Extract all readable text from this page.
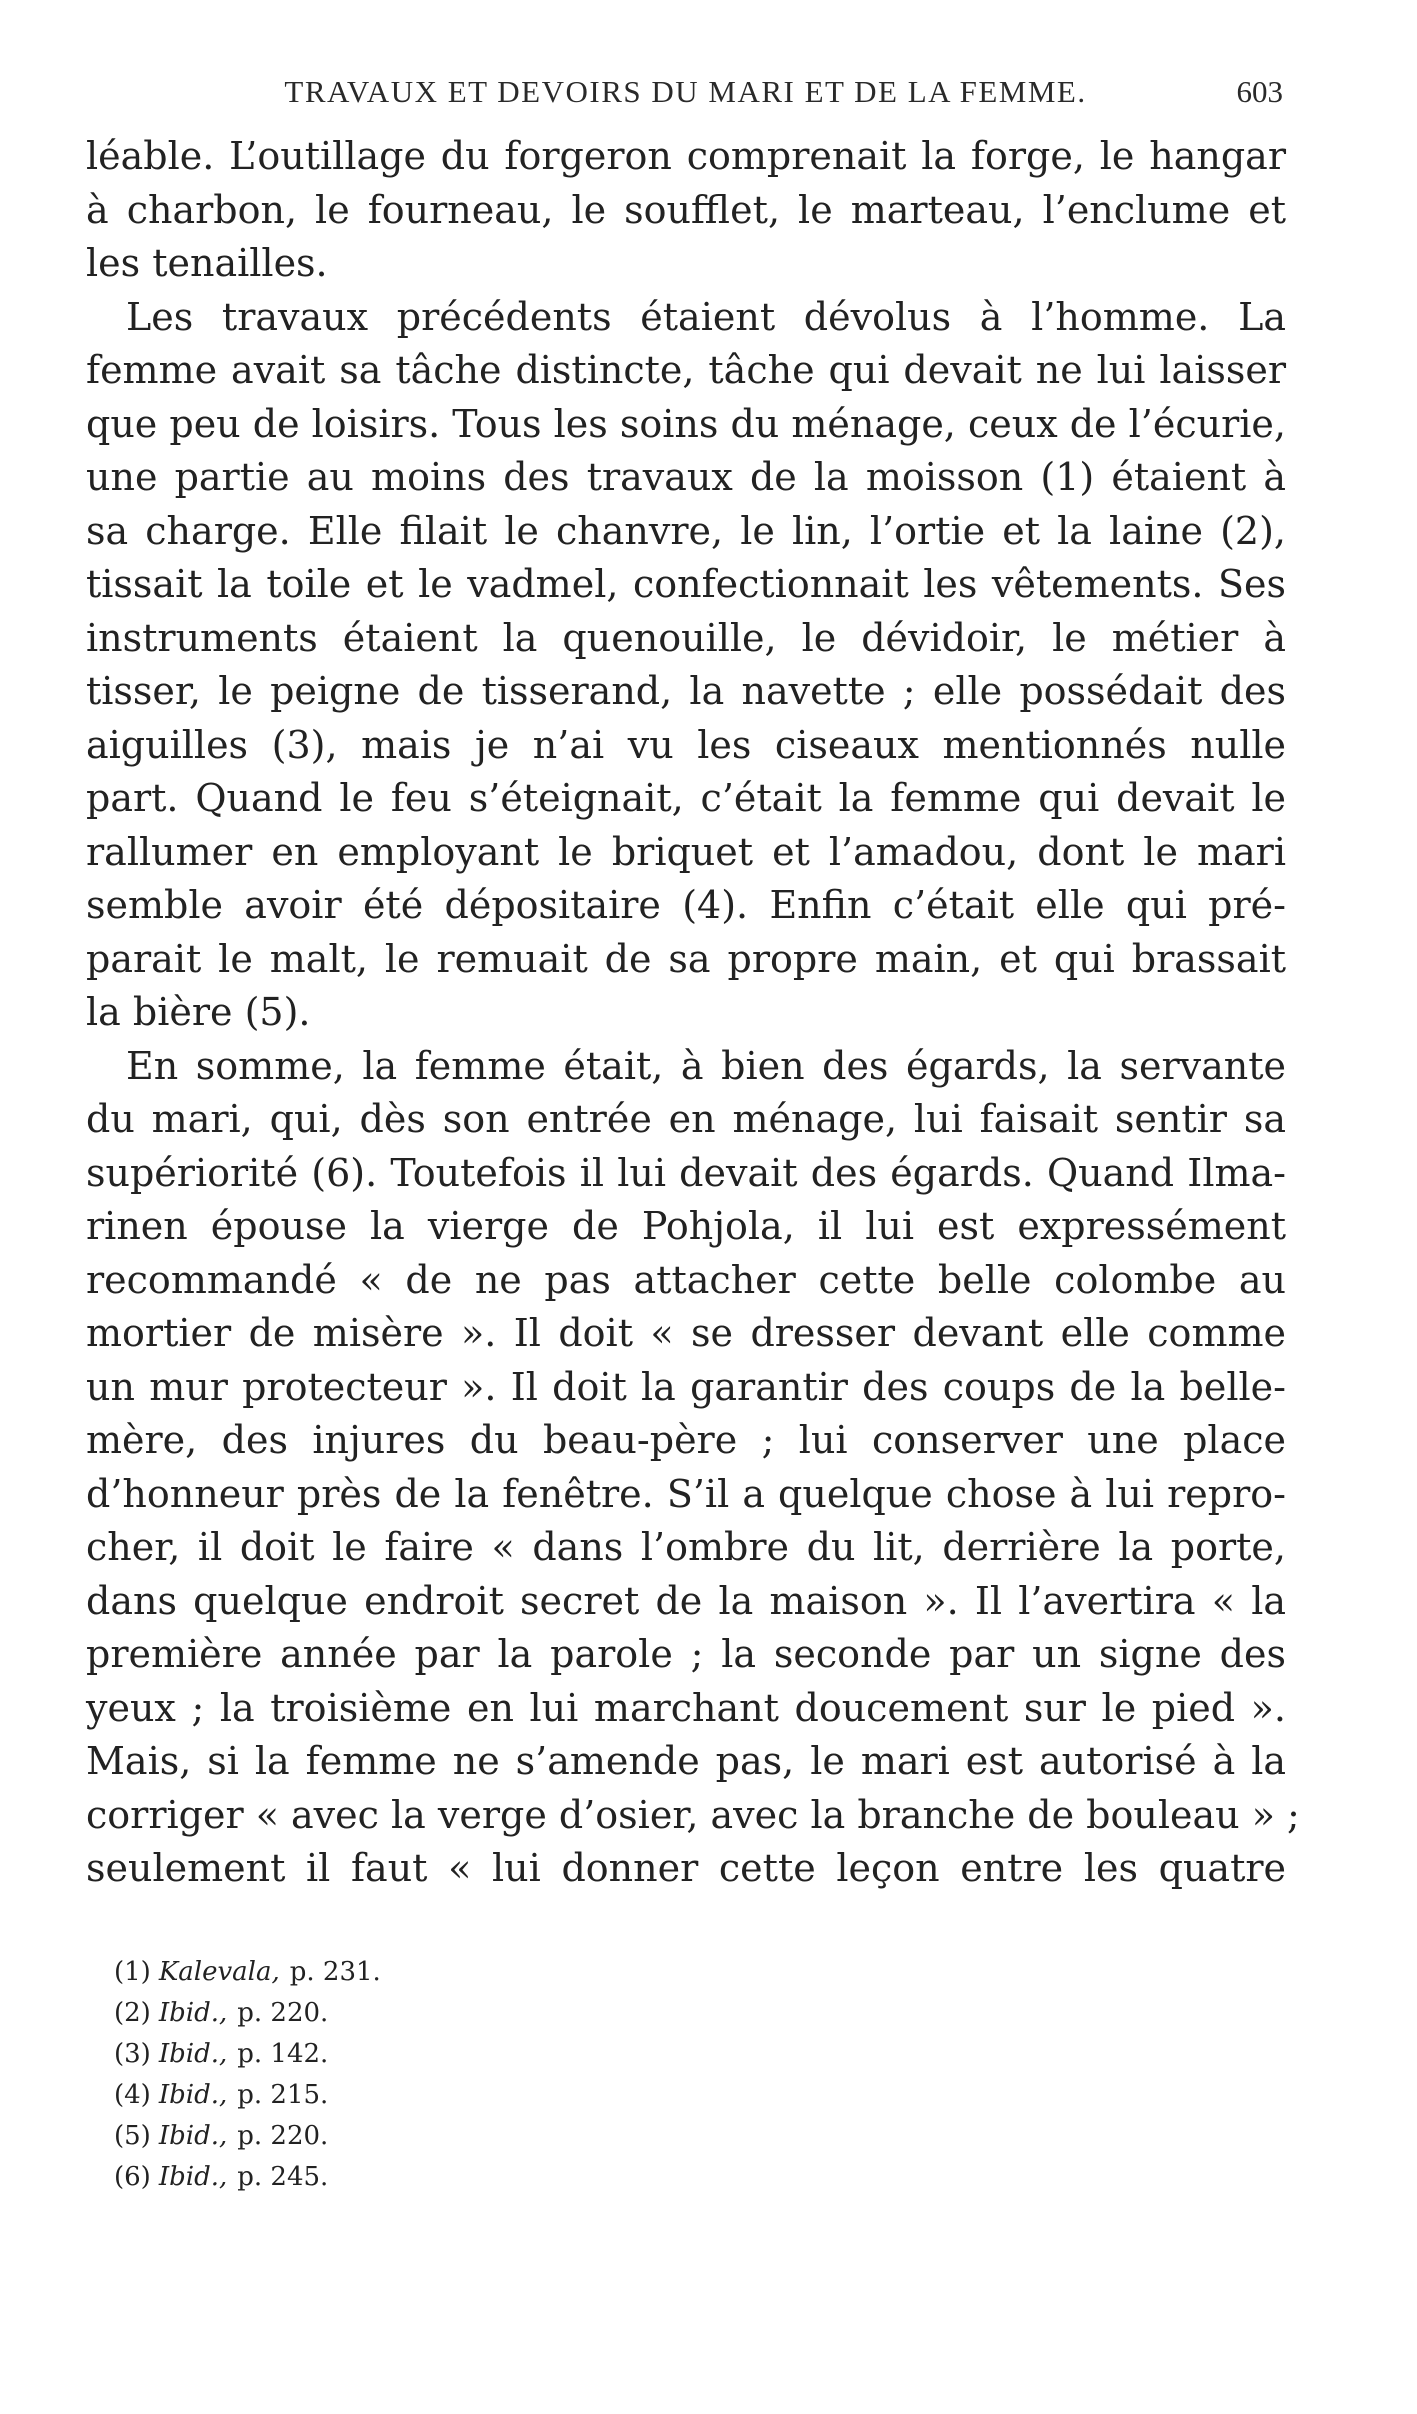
TRAVAUX ET DEVOIRS DU MARI ET DE LA FEMME.	603
léable. L’outillage du forgeron comprenait la forge, le hangar
à charbon, le fourneau, le soufflet, le marteau, l’enclume et
les tenailles.
Les travaux précédents étaient dévolus à l’homme. La
femme avait sa tâche distincte, tâche qui devait ne lui laisser
que peu de loisirs. Tous les soins du ménage, ceux de l’écurie,
une partie au moins des travaux de la moisson (1) étaient à
sa charge. Elle filait le chanvre, le lin, l’ortie et la laine (2),
tissait la toile et le vadmel, confectionnait les vêtements. Ses
instruments étaient la quenouille, le dévidoir, le métier à
tisser, le peigne de tisserand, la navette ; elle possédait des
aiguilles (3), mais je n’ai vu les ciseaux mentionnés nulle
part. Quand le feu s’éteignait, c’était la femme qui devait le
rallumer en employant le briquet et l’amadou, dont le mari
semble avoir été dépositaire (4). Enfin c’était elle qui pré-
parait le malt, le remuait de sa propre main, et qui brassait
la bière (5).
En somme, la femme était, à bien des égards, la servante
du mari, qui, dès son entrée en ménage, lui faisait sentir sa
supériorité (6). Toutefois il lui devait des égards. Quand Ilma-
rinen épouse la vierge de Pohjola, il lui est expressément
recommandé « de ne pas attacher cette belle colombe au
mortier de misère ». Il doit « se dresser devant elle comme
un mur protecteur ». Il doit la garantir des coups de la belle-
mère, des injures du beau-père ; lui conserver une place
d’honneur près de la fenêtre. S’il a quelque chose à lui repro-
cher, il doit le faire « dans l’ombre du lit, derrière la porte,
dans quelque endroit secret de la maison ». Il l’avertira « la
première année par la parole ; la seconde par un signe des
yeux ; la troisième en lui marchant doucement sur le pied ».
Mais, si la femme ne s’amende pas, le mari est autorisé à la
corriger « avec la verge d’osier, avec la branche de bouleau » ;
seulement il faut « lui donner cette leçon entre les quatre
(1) Kalevala, p. 231.
(2) Ibid., p. 220.
(3) Ibid., p. 142.
(4) Ibid., p. 215.
(5) Ibid., p. 220.
(6) Ibid., p. 245.
